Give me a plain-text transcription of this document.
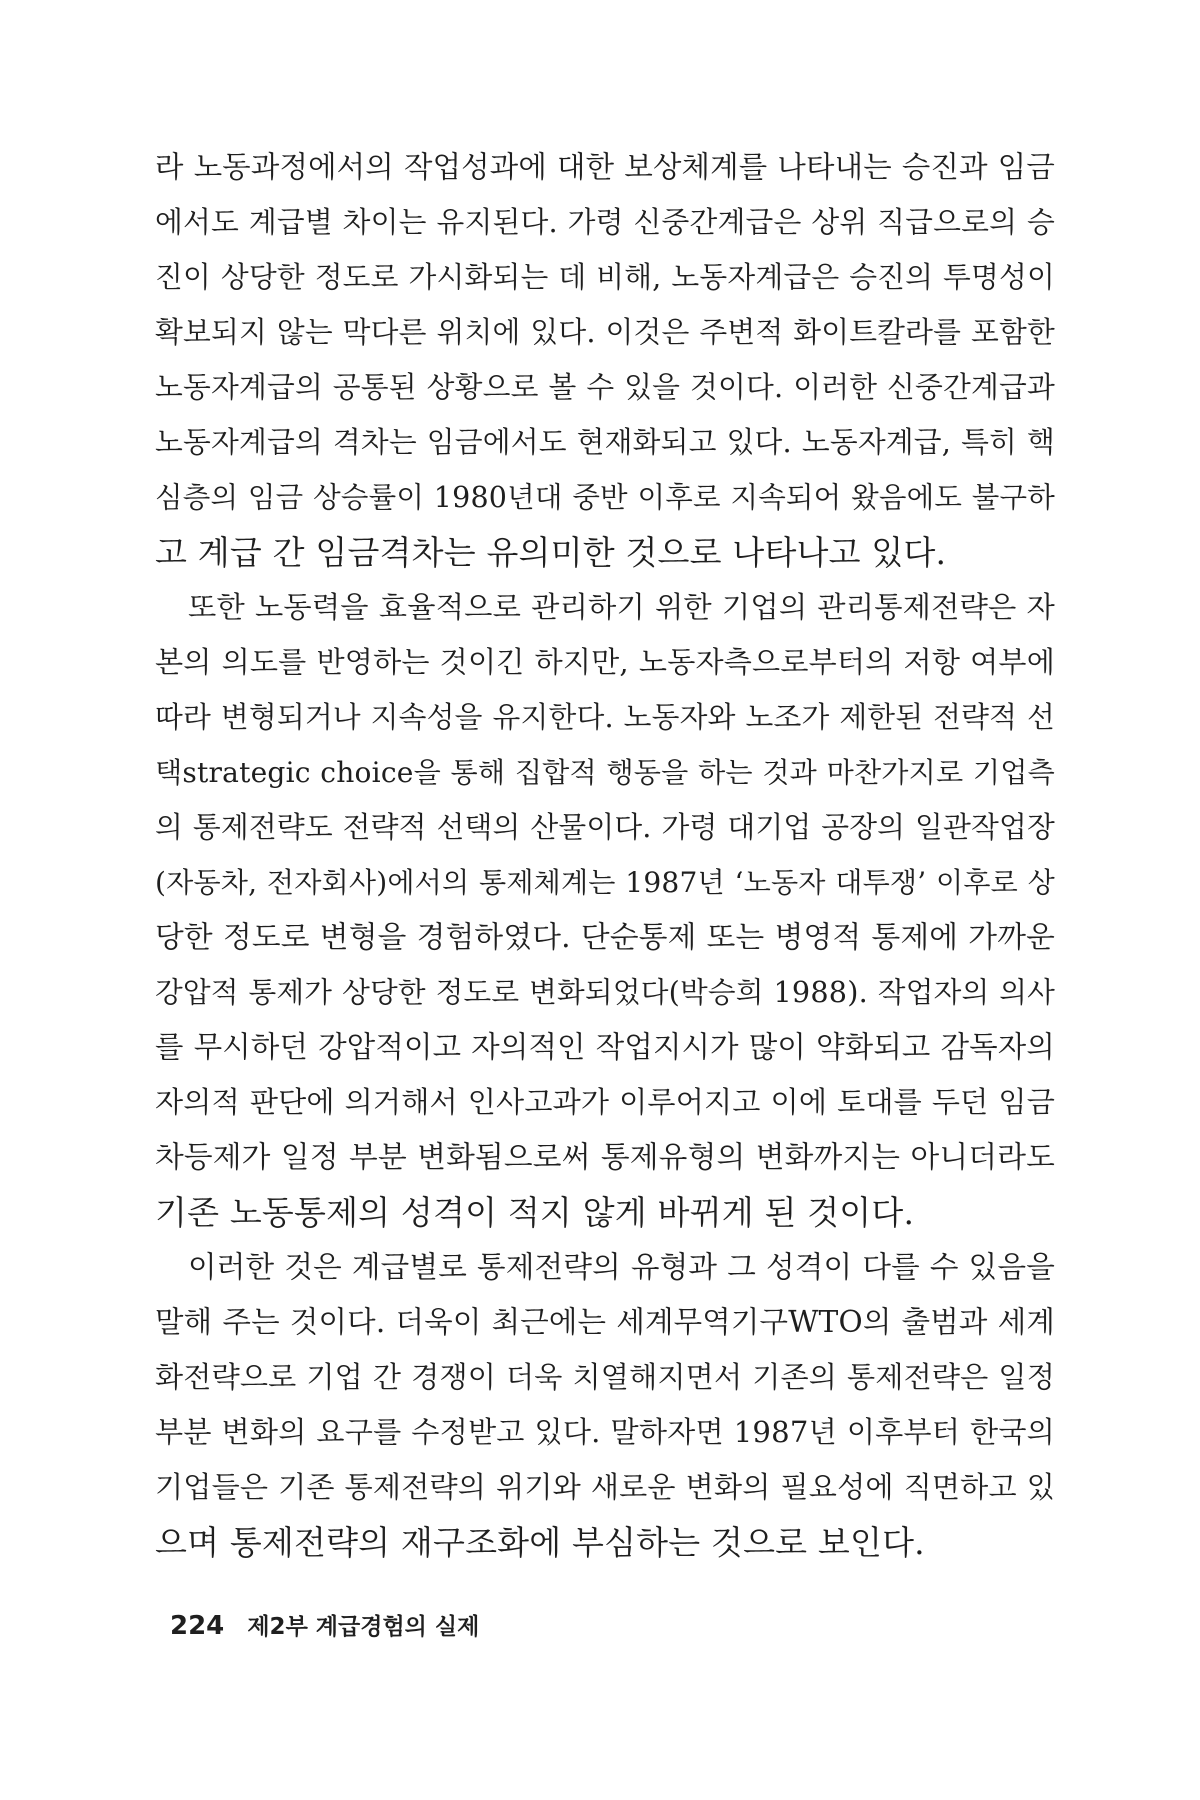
라 노동과정에서의 작업성과에 대한 보상체계를 나타내는 승진과 임금
에서도 계급별 차이는 유지된다. 가령 신중간계급은 상위 직급으로의 승
진이 상당한 정도로 가시화되는 데 비해, 노동자계급은 승진의 투명성이
확보되지 않는 막다른 위치에 있다. 이것은 주변적 화이트칼라를 포함한
노동자계급의 공통된 상황으로 볼 수 있을 것이다. 이러한 신중간계급과
노동자계급의 격차는 임금에서도 현재화되고 있다. 노동자계급, 특히 핵
심층의 임금 상승률이 1980년대 중반 이후로 지속되어 왔음에도 불구하
고 계급 간 임금격차는 유의미한 것으로 나타나고 있다.
또한 노동력을 효율적으로 관리하기 위한 기업의 관리통제전략은 자
본의 의도를 반영하는 것이긴 하지만, 노동자측으로부터의 저항 여부에
따라 변형되거나 지속성을 유지한다. 노동자와 노조가 제한된 전략적 선
택strategic choice을 통해 집합적 행동을 하는 것과 마찬가지로 기업측
의 통제전략도 전략적 선택의 산물이다. 가령 대기업 공장의 일관작업장
(자동차, 전자회사)에서의 통제체계는 1987년 ‘노동자 대투쟁’ 이후로 상
당한 정도로 변형을 경험하였다. 단순통제 또는 병영적 통제에 가까운
강압적 통제가 상당한 정도로 변화되었다(박승희 1988). 작업자의 의사
를 무시하던 강압적이고 자의적인 작업지시가 많이 약화되고 감독자의
자의적 판단에 의거해서 인사고과가 이루어지고 이에 토대를 두던 임금
차등제가 일정 부분 변화됨으로써 통제유형의 변화까지는 아니더라도
기존 노동통제의 성격이 적지 않게 바뀌게 된 것이다.
이러한 것은 계급별로 통제전략의 유형과 그 성격이 다를 수 있음을
말해 주는 것이다. 더욱이 최근에는 세계무역기구WTO의 출범과 세계
화전략으로 기업 간 경쟁이 더욱 치열해지면서 기존의 통제전략은 일정
부분 변화의 요구를 수정받고 있다. 말하자면 1987년 이후부터 한국의
기업들은 기존 통제전략의 위기와 새로운 변화의 필요성에 직면하고 있
으며 통제전략의 재구조화에 부심하는 것으로 보인다.
224 제2부 계급경험의 실제
